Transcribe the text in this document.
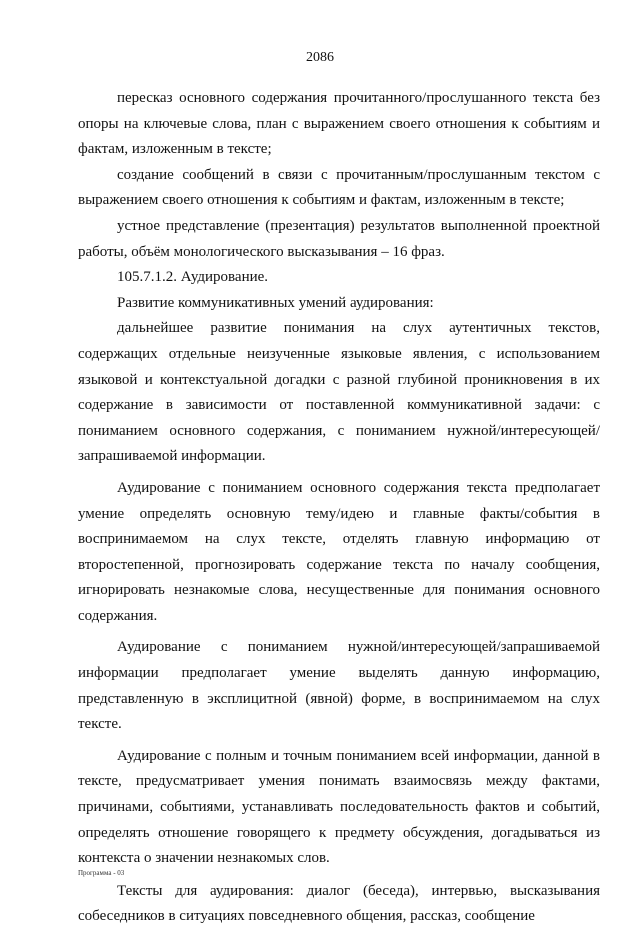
2086

пересказ основного содержания прочитанного/прослушанного текста без опоры на ключевые слова, план с выражением своего отношения к событиям и фактам, изложенным в тексте;

создание сообщений в связи с прочитанным/прослушанным текстом с выражением своего отношения к событиям и фактам, изложенным в тексте;

устное представление (презентация) результатов выполненной проектной работы, объём монологического высказывания – 16 фраз.

105.7.1.2. Аудирование.

Развитие коммуникативных умений аудирования:

дальнейшее развитие понимания на слух аутентичных текстов, содержащих отдельные неизученные языковые явления, с использованием языковой и контекстуальной догадки с разной глубиной проникновения в их содержание в зависимости от поставленной коммуникативной задачи: с пониманием основного содержания, с пониманием нужной/интересующей/запрашиваемой информации.

Аудирование с пониманием основного содержания текста предполагает умение определять основную тему/идею и главные факты/события в воспринимаемом на слух тексте, отделять главную информацию от второстепенной, прогнозировать содержание текста по началу сообщения, игнорировать незнакомые слова, несущественные для понимания основного содержания.

Аудирование с пониманием нужной/интересующей/запрашиваемой информации предполагает умение выделять данную информацию, представленную в эксплицитной (явной) форме, в воспринимаемом на слух тексте.

Аудирование с полным и точным пониманием всей информации, данной в тексте, предусматривает умения понимать взаимосвязь между фактами, причинами, событиями, устанавливать последовательность фактов и событий, определять отношение говорящего к предмету обсуждения, догадываться из контекста о значении незнакомых слов.

Тексты для аудирования: диалог (беседа), интервью, высказывания собеседников в ситуациях повседневного общения, рассказ, сообщение

Программа - 03
